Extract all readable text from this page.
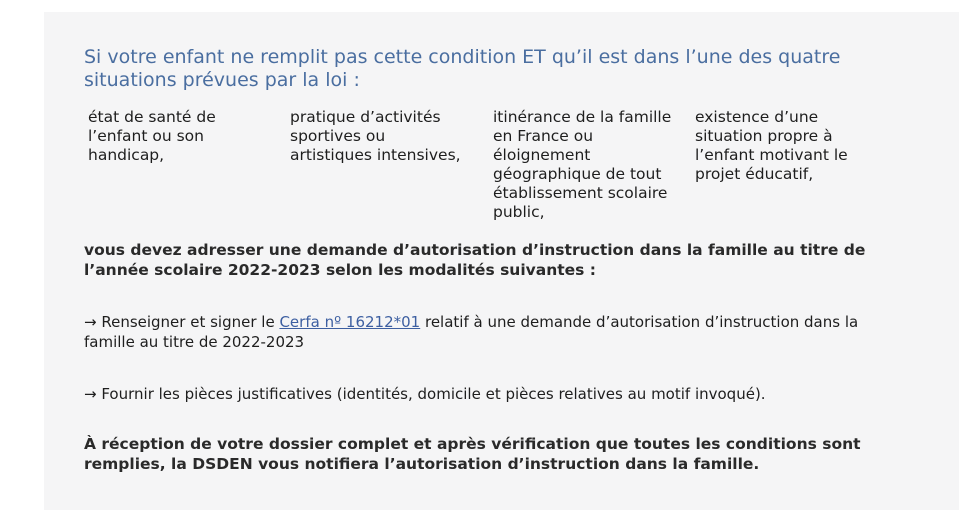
Si votre enfant ne remplit pas cette condition ET qu’il est dans l’une des quatre situations prévues par la loi :
état de santé de l’enfant ou son handicap,
pratique d’activités sportives ou artistiques intensives,
itinérance de la famille en France ou éloignement géographique de tout établissement scolaire public,
existence d’une situation propre à l’enfant motivant le projet éducatif,

vous devez adresser une demande d’autorisation d’instruction dans la famille au titre de l’année scolaire 2022-2023 selon les modalités suivantes :

→ Renseigner et signer le Cerfa nº 16212*01 relatif à une demande d’autorisation d’instruction dans la famille au titre de 2022-2023

→ Fournir les pièces justificatives (identités, domicile et pièces relatives au motif invoqué).

À réception de votre dossier complet et après vérification que toutes les conditions sont remplies, la DSDEN vous notifiera l’autorisation d’instruction dans la famille.
